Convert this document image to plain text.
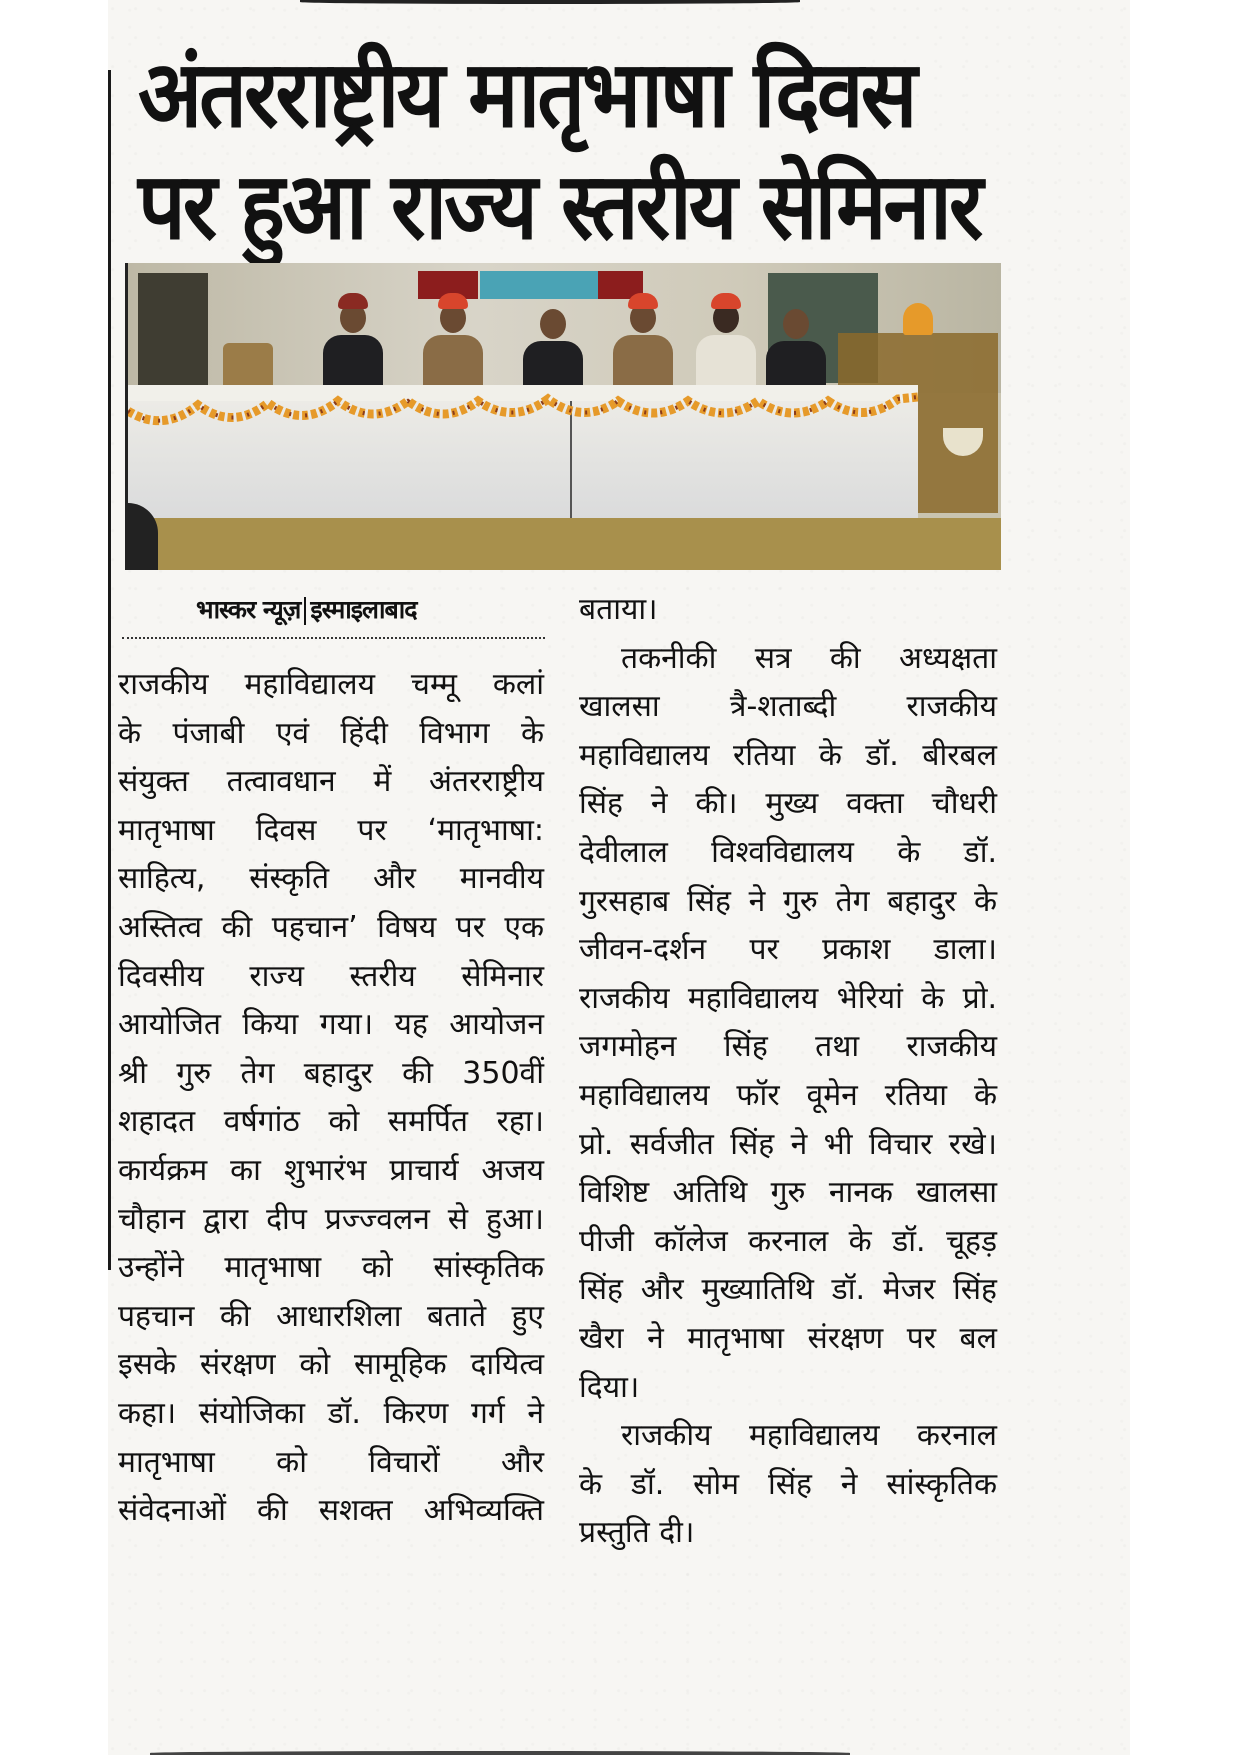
अंतरराष्ट्रीय मातृभाषा दिवस
पर हुआ राज्य स्तरीय सेमिनार
भास्कर न्यूज़ इस्माइलाबाद
राजकीय महाविद्यालय चम्मू कलां
के पंजाबी एवं हिंदी विभाग के
संयुक्त तत्वावधान में अंतरराष्ट्रीय
मातृभाषा दिवस पर ‘मातृभाषा:
साहित्य, संस्कृति और मानवीय
अस्तित्व की पहचान’ विषय पर एक
दिवसीय राज्य स्तरीय सेमिनार
आयोजित किया गया। यह आयोजन
श्री गुरु तेग बहादुर की 350वीं
शहादत वर्षगांठ को समर्पित रहा।
कार्यक्रम का शुभारंभ प्राचार्य अजय
चौहान द्वारा दीप प्रज्ज्वलन से हुआ।
उन्होंने मातृभाषा को सांस्कृतिक
पहचान की आधारशिला बताते हुए
इसके संरक्षण को सामूहिक दायित्व
कहा। संयोजिका डॉ. किरण गर्ग ने
मातृभाषा को विचारों और
संवेदनाओं की सशक्त अभिव्यक्ति
बताया।
तकनीकी सत्र की अध्यक्षता
खालसा त्रै-शताब्दी राजकीय
महाविद्यालय रतिया के डॉ. बीरबल
सिंह ने की। मुख्य वक्ता चौधरी
देवीलाल विश्वविद्यालय के डॉ.
गुरसहाब सिंह ने गुरु तेग बहादुर के
जीवन-दर्शन पर प्रकाश डाला।
राजकीय महाविद्यालय भेरियां के प्रो.
जगमोहन सिंह तथा राजकीय
महाविद्यालय फॉर वूमेन रतिया के
प्रो. सर्वजीत सिंह ने भी विचार रखे।
विशिष्ट अतिथि गुरु नानक खालसा
पीजी कॉलेज करनाल के डॉ. चूहड़
सिंह और मुख्यातिथि डॉ. मेजर सिंह
खैरा ने मातृभाषा संरक्षण पर बल
दिया।
राजकीय महाविद्यालय करनाल
के डॉ. सोम सिंह ने सांस्कृतिक
प्रस्तुति दी।
